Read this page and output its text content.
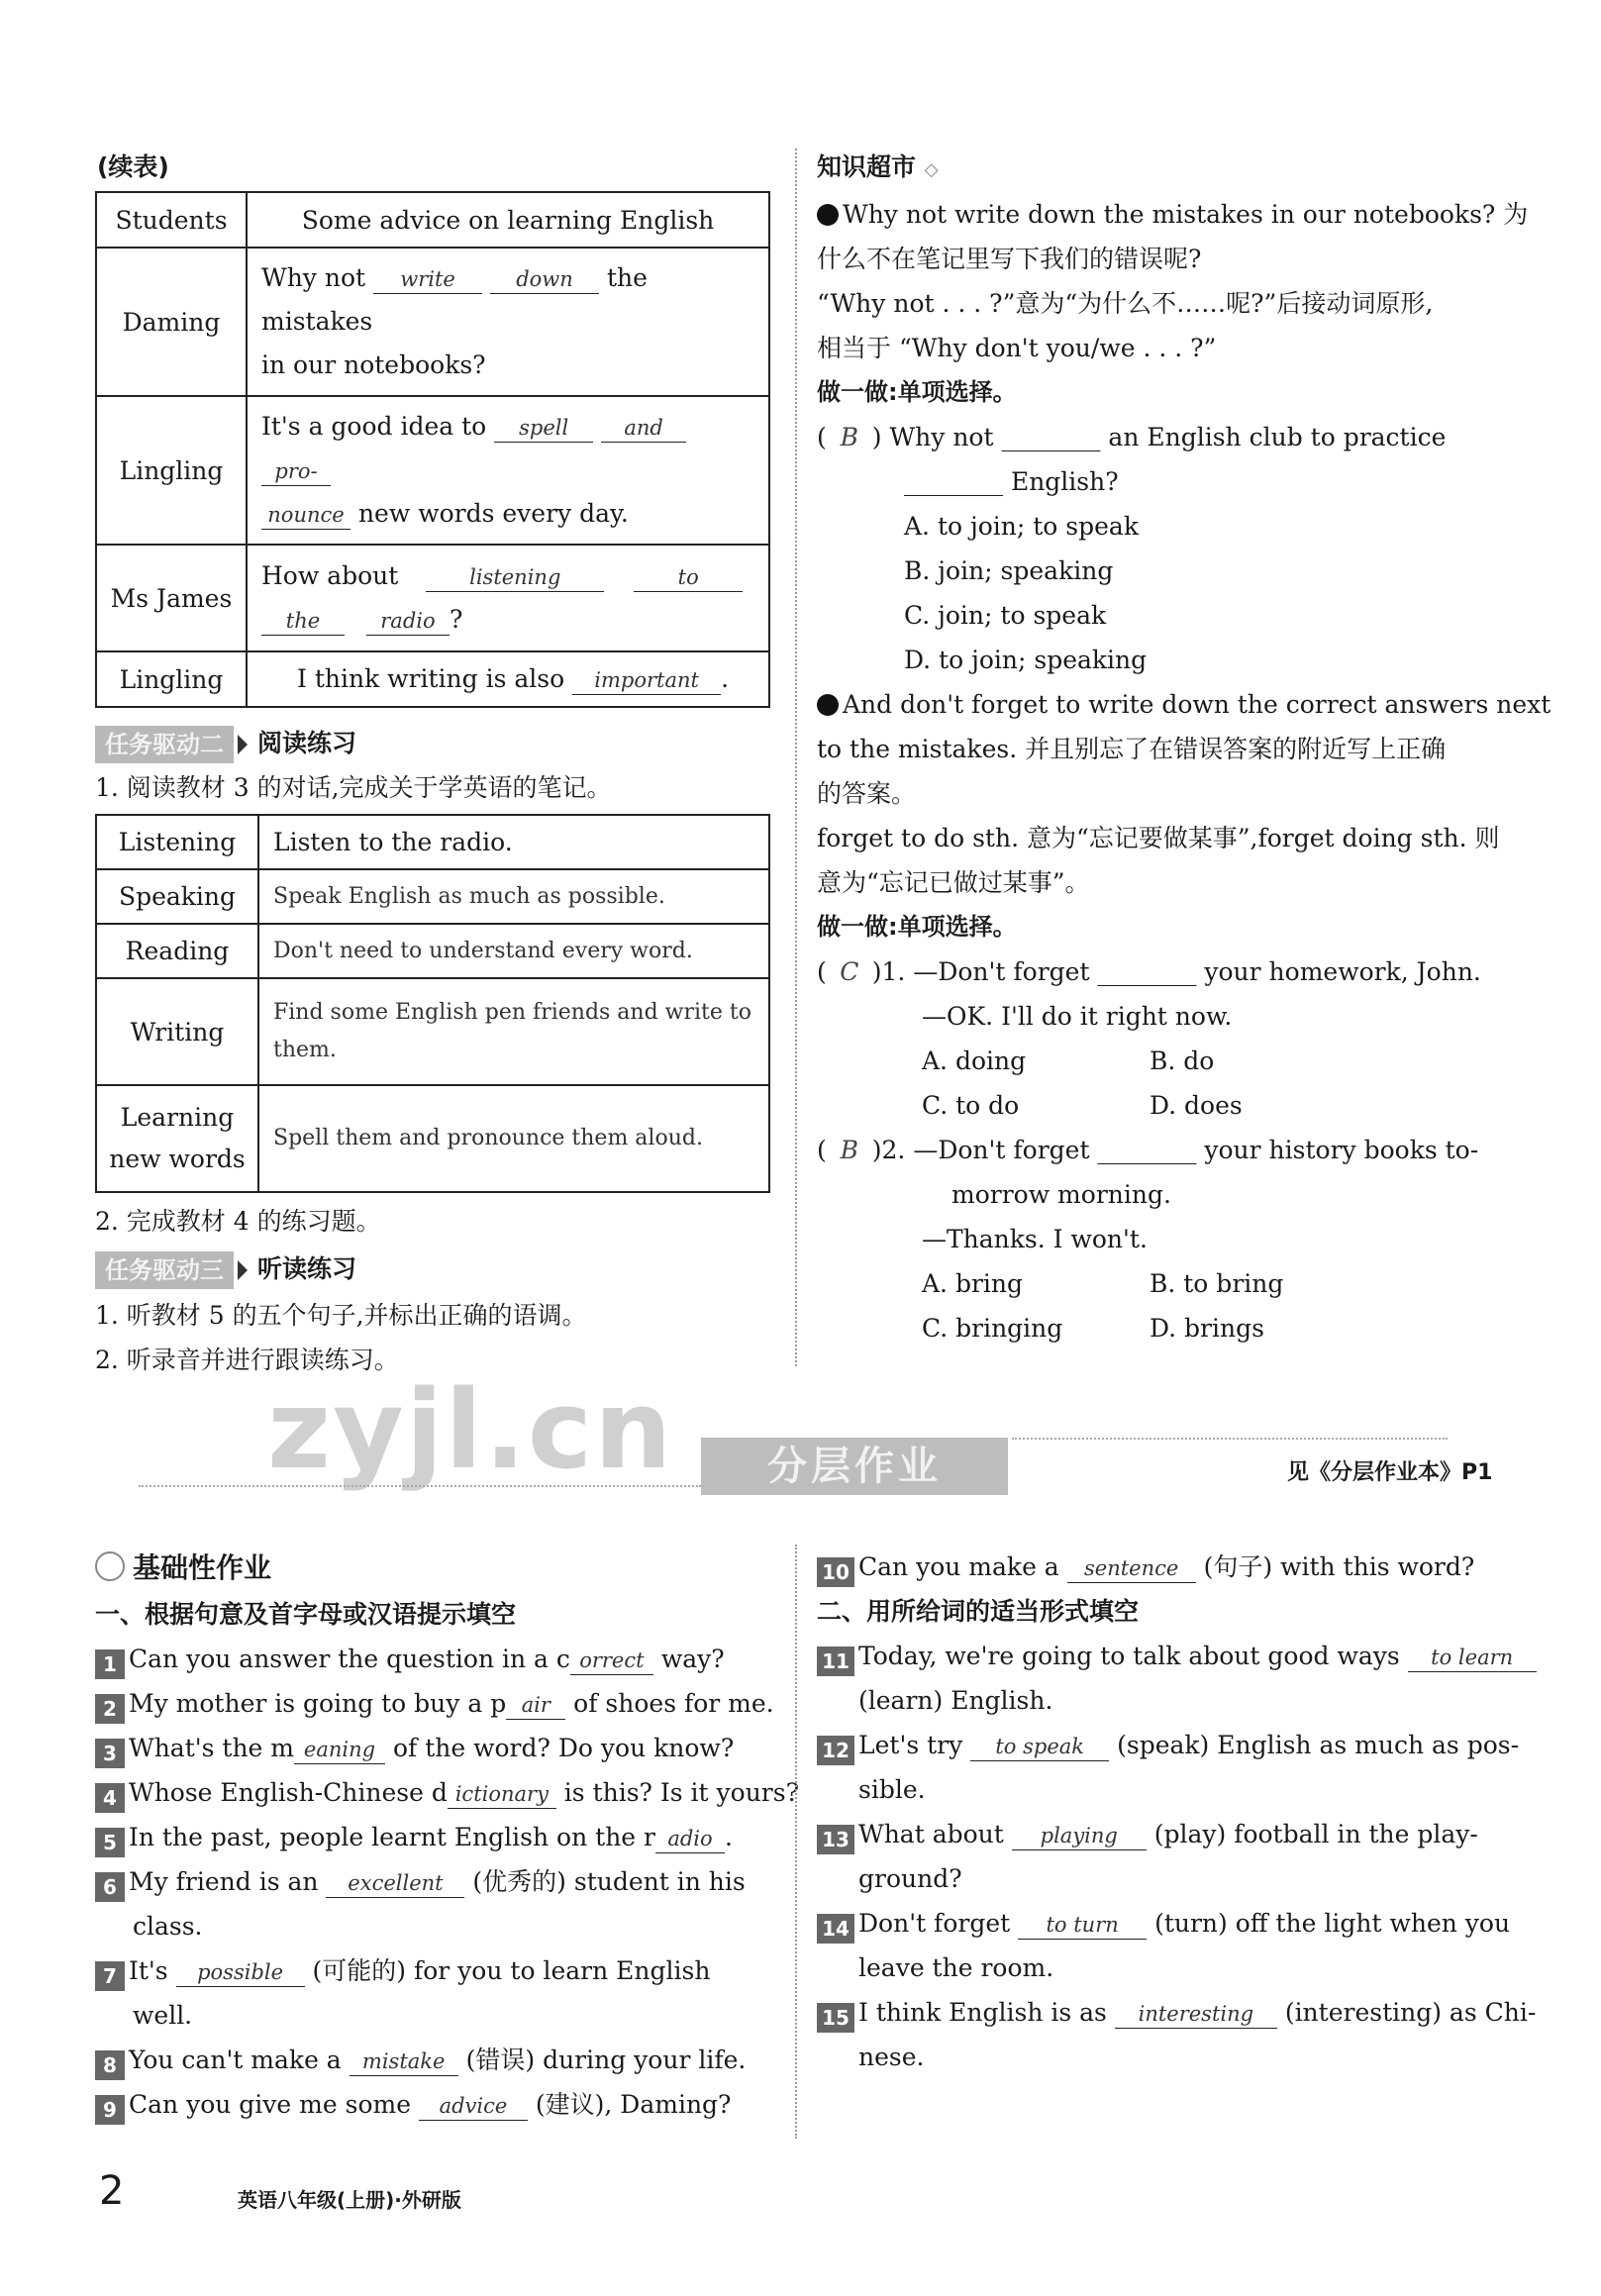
(续表)
Students	Some advice on learning English
Daming	Why not write down the mistakes
in our notebooks?

Lingling	It's a good idea to spell and pro-
nounce new words every day.

Ms James	How about listening to
the radio ?

Lingling	I think writing is also important .
任务驱动二 阅读练习
1. 阅读教材 3 的对话,完成关于学英语的笔记。
Listening	Listen to the radio.
Speaking	Speak English as much as possible.
Reading	Don't need to understand every word.
Writing	Find some English pen friends and write to them.
Learning new words	Spell them and pronounce them aloud.
2. 完成教材 4 的练习题。
任务驱动三 听读练习
1. 听教材 5 的五个句子,并标出正确的语调。
2. 听录音并进行跟读练习。
知识超市 ◇
Why not write down the mistakes in our notebooks? 为
什么不在笔记里写下我们的错误呢?
“Why not . . . ?”意为“为什么不……呢?”后接动词原形,
相当于 “Why don't you/we . . . ?”
做一做:单项选择。
( B ) Why not ________ an English club to practice
________ English?
A. to join; to speak
B. join; speaking
C. join; to speak
D. to join; speaking
And don't forget to write down the correct answers next
to the mistakes. 并且别忘了在错误答案的附近写上正确
的答案。
forget to do sth. 意为“忘记要做某事”,forget doing sth. 则
意为“忘记已做过某事”。
做一做:单项选择。
( C )1. —Don't forget ________ your homework, John.
—OK. I'll do it right now.
A. doing	B. do
C. to do	D. does
( B )2. —Don't forget ________ your history books to-
morrow morning.
—Thanks. I won't.
A. bring	B. to bring
C. bringing	D. brings
zyjl.cn	分层作业	见《分层作业本》P1
基础性作业
一、根据句意及首字母或汉语提示填空
1 Can you answer the question in a c orrect way?
2 My mother is going to buy a p air of shoes for me.
3 What's the m eaning of the word? Do you know?
4 Whose English-Chinese d ictionary is this? Is it yours?
5 In the past, people learnt English on the r adio .
6 My friend is an excellent (优秀的) student in his
class.
7 It's possible (可能的) for you to learn English
well.
8 You can't make a mistake (错误) during your life.
9 Can you give me some advice (建议), Daming?
10 Can you make a sentence (句子) with this word?
二、用所给词的适当形式填空
11 Today, we're going to talk about good ways to learn
(learn) English.
12 Let's try to speak (speak) English as much as pos-
sible.
13 What about playing (play) football in the play-
ground?
14 Don't forget to turn (turn) off the light when you
leave the room.
15 I think English is as interesting (interesting) as Chi-
nese.
2	英语八年级(上册)·外研版
